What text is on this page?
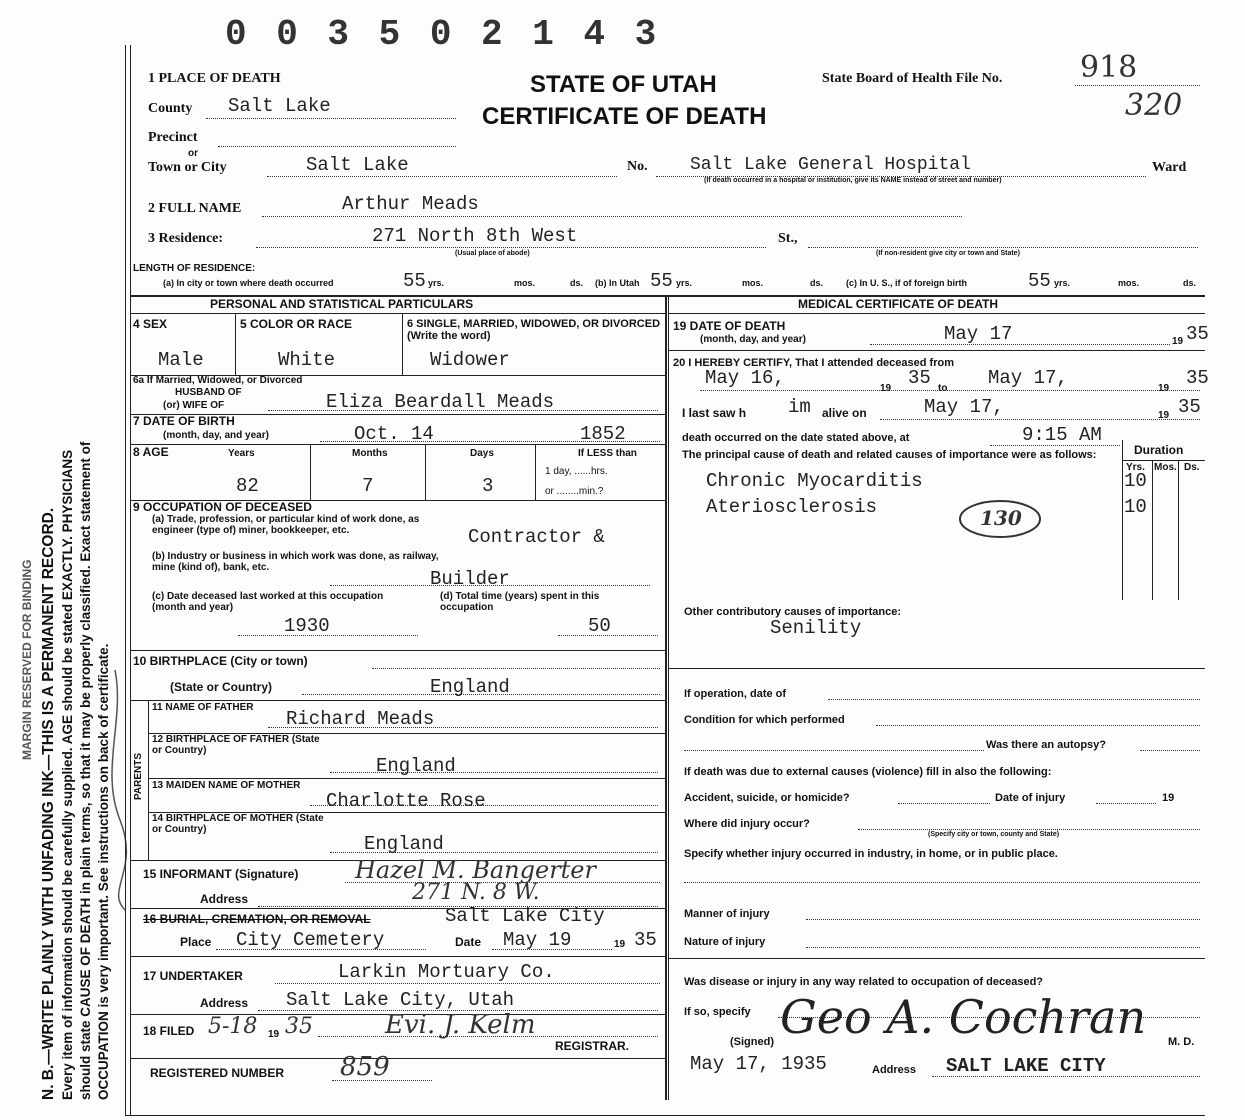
N. B.—WRITE PLAINLY WITH UNFADING INK—THIS IS A PERMANENT RECORD. Every item of information should be carefully supplied. AGE should be stated EXACTLY. PHYSICIANS should state CAUSE OF DEATH in plain terms, so that it may be properly classified. Exact statement of OCCUPATION is very important. See instructions on back of certificate.
MARGIN RESERVED FOR BINDING
0 0 3 5 0 2 1 4 3
STATE OF UTAH
CERTIFICATE OF DEATH
State Board of Health File No.	918
320
1 PLACE OF DEATH
County Salt Lake
Precinct
or
Town or City	Salt Lake	No. Salt Lake General Hospital	Ward
(If death occurred in a hospital or institution, give its NAME instead of street and number)
2 FULL NAME	Arthur Meads
3 Residence:	271 North 8th West
(Usual place of abode)
St.,
(If non-resident give city or town and State)
LENGTH OF RESIDENCE:
(a) In city or town where death occurred	55 yrs.	mos.	ds. (b) In Utah 55 yrs.	mos.	ds.	(c) In U. S., if of foreign birth	55 yrs.	mos.	ds.
PERSONAL AND STATISTICAL PARTICULARS	MEDICAL CERTIFICATE OF DEATH
4 SEX	5 COLOR OR RACE	6 SINGLE, MARRIED, WIDOWED, OR DIVORCED (Write the word)
Male	White	Widower
6a If Married, Widowed, or Divorced
HUSBAND OF
(or) WIFE OF	Eliza Beardall Meads
7 DATE OF BIRTH
(month, day, and year)	Oct. 14	1852
8 AGE	Years	Months	Days	If LESS than
1 day, ......hrs.
or ........min.?
82	7	3
9 OCCUPATION OF DECEASED
(a) Trade, profession, or particular kind of work done, as engineer (type of) miner, bookkeeper, etc.	Contractor &
(b) Industry or business in which work was done, as railway, mine (kind of), bank, etc.
Builder
(c) Date deceased last worked at this occupation (month and year)
1930
(d) Total time (years) spent in this occupation
50
10 BIRTHPLACE (City or town)
(State or Country)	England
PARENTS
11 NAME OF FATHER
Richard Meads
12 BIRTHPLACE OF FATHER (State or Country)
England
13 MAIDEN NAME OF MOTHER
Charlotte Rose
14 BIRTHPLACE OF MOTHER (State or Country)
England
15 INFORMANT (Signature) Hazel M. Bangerter
Address	271 N. 8 W.
16 BURIAL, CREMATION, OR REMOVAL	Salt Lake City
Place City Cemetery	Date May 19	19 35
17 UNDERTAKER	Larkin Mortuary Co.
Address Salt Lake City, Utah
18 FILED 5-18 19 35	Evi. J. Kelm
REGISTRAR.
REGISTERED NUMBER 859
19 DATE OF DEATH
(month, day, and year)	May 17	19 35
20 I HEREBY CERTIFY, That I attended deceased from
May 16,	19 35 to May 17,	19 35
I last saw h im alive on	May 17,	19 35
death occurred on the date stated above, at	9:15 AM
The principal cause of death and related causes of importance were as follows:	Duration
Yrs. Mos. Ds.
Chronic Myocarditis	10
Ateriosclerosis	10
130
Other contributory causes of importance:
Senility
If operation, date of
Condition for which performed
Was there an autopsy?
If death was due to external causes (violence) fill in also the following:
Accident, suicide, or homicide?	Date of injury	19
Where did injury occur?
(Specify city or town, county and State)
Specify whether injury occurred in industry, in home, or in public place.
Manner of injury
Nature of injury
Was disease or injury in any way related to occupation of deceased?
If so, specify Geo A. Cochran
(Signed)	M. D.
May 17, 1935	Address SALT LAKE CITY
